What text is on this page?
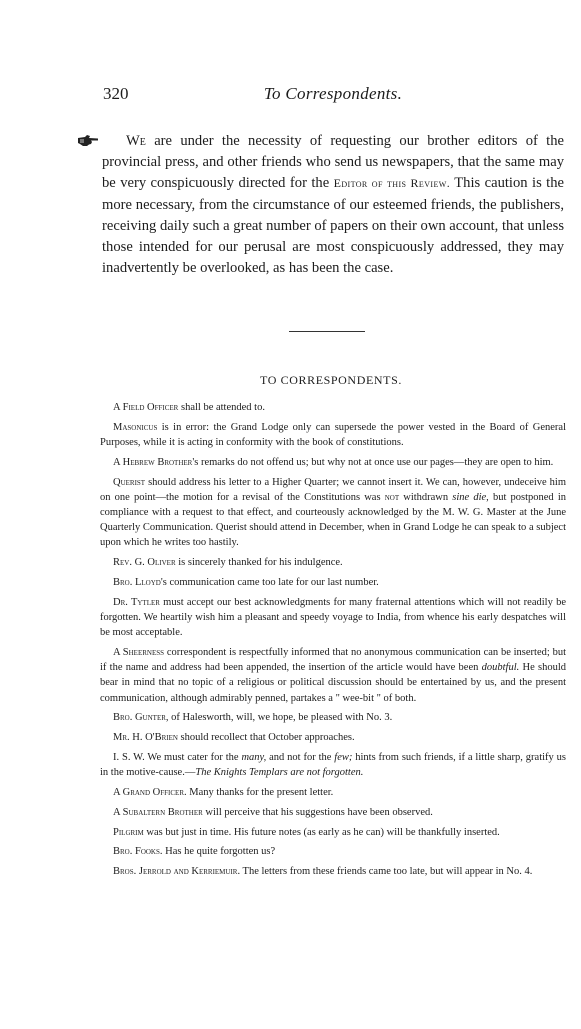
320	To Correspondents.

We are under the necessity of requesting our brother editors of the provincial press, and other friends who send us newspapers, that the same may be very conspicuously directed for the Editor of this Review. This caution is the more necessary, from the circumstance of our esteemed friends, the publishers, receiving daily such a great number of papers on their own account, that unless those intended for our perusal are most conspicuously addressed, they may inadvertently be overlooked, as has been the case.

TO CORRESPONDENTS.

A Field Officer shall be attended to.

Masonicus is in error: the Grand Lodge only can supersede the power vested in the Board of General Purposes, while it is acting in conformity with the book of constitutions.

A Hebrew Brother's remarks do not offend us; but why not at once use our pages—they are open to him.

Querist should address his letter to a Higher Quarter; we cannot insert it. We can, however, undeceive him on one point—the motion for a revisal of the Constitutions was not withdrawn sine die, but postponed in compliance with a request to that effect, and courteously acknowledged by the M. W. G. Master at the June Quarterly Communication. Querist should attend in December, when in Grand Lodge he can speak to a subject upon which he writes too hastily.

Rev. G. Oliver is sincerely thanked for his indulgence.

Bro. Lloyd's communication came too late for our last number.

Dr. Tytler must accept our best acknowledgments for many fraternal attentions which will not readily be forgotten. We heartily wish him a pleasant and speedy voyage to India, from whence his early despatches will be most acceptable.

A Sheerness correspondent is respectfully informed that no anonymous communication can be inserted; but if the name and address had been appended, the insertion of the article would have been doubtful. He should bear in mind that no topic of a religious or political discussion should be entertained by us, and the present communication, although admirably penned, partakes a " wee-bit " of both.

Bro. Gunter, of Halesworth, will, we hope, be pleased with No. 3.

Mr. H. O'Brien should recollect that October approaches.

I. S. W. We must cater for the many, and not for the few; hints from such friends, if a little sharp, gratify us in the motive-cause.—The Knights Templars are not forgotten.

A Grand Officer. Many thanks for the present letter.

A Subaltern Brother will perceive that his suggestions have been observed.

Pilgrim was but just in time. His future notes (as early as he can) will be thankfully inserted.

Bro. Fooks. Has he quite forgotten us?

Bros. Jerrold and Kerriemuir. The letters from these friends came too late, but will appear in No. 4.
